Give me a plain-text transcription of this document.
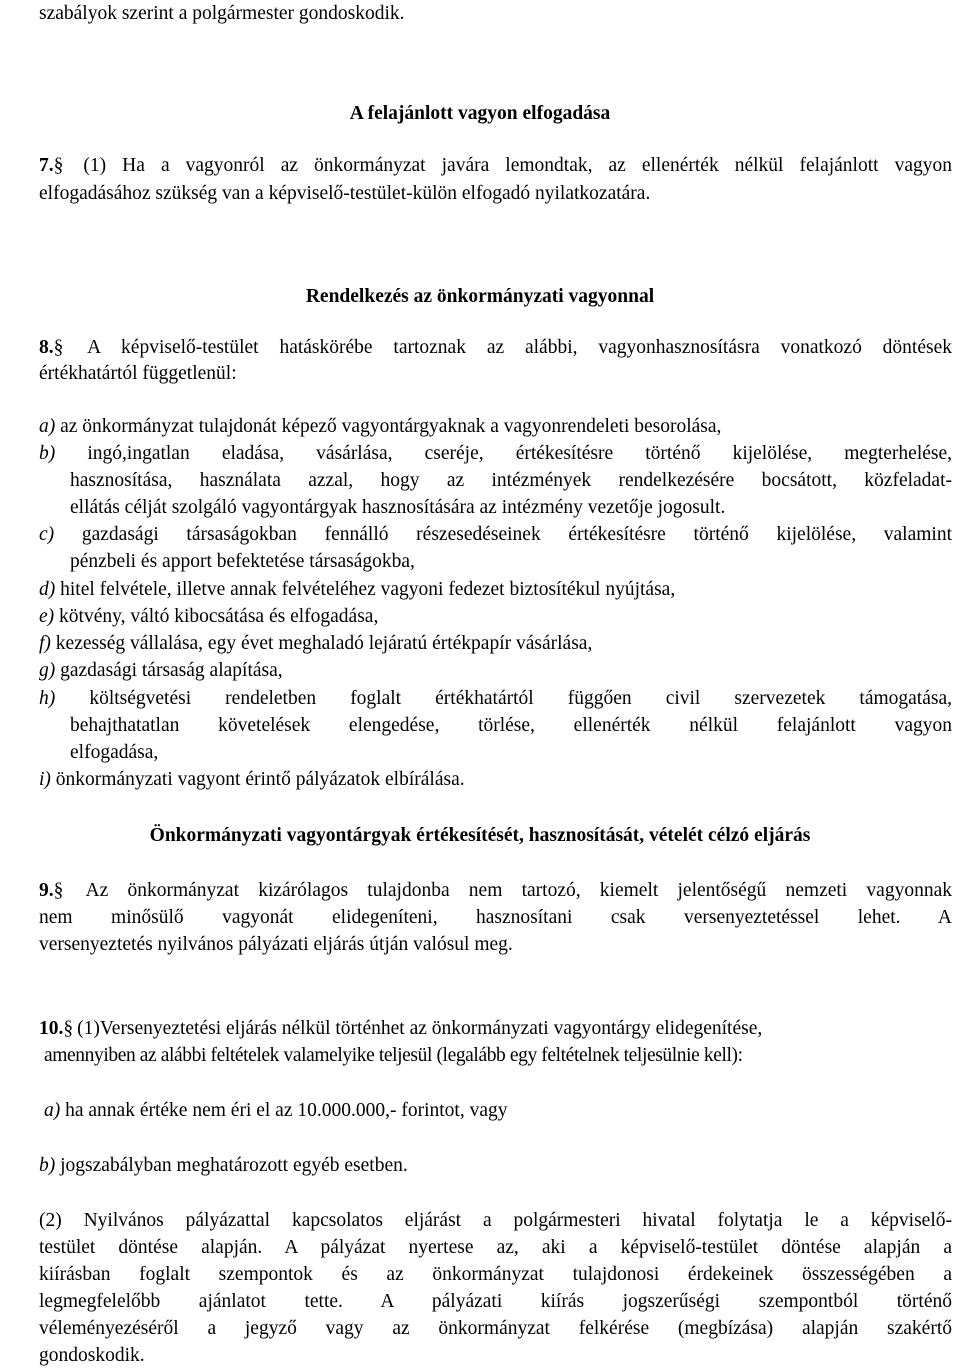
szabályok szerint a polgármester gondoskodik.
A felajánlott vagyon elfogadása
7.§ (1) Ha a vagyonról az önkormányzat javára lemondtak, az ellenérték nélkül felajánlott vagyon
elfogadásához szükség van a képviselő-testület-külön elfogadó nyilatkozatára.
Rendelkezés az önkormányzati vagyonnal
8.§ A képviselő-testület hatáskörébe tartoznak az alábbi, vagyonhasznosításra vonatkozó döntések
értékhatártól függetlenül:
a) az önkormányzat tulajdonát képező vagyontárgyaknak a vagyonrendeleti besorolása,
b) ingó,ingatlan eladása, vásárlása, cseréje, értékesítésre történő kijelölése, megterhelése,
hasznosítása, használata azzal, hogy az intézmények rendelkezésére bocsátott, közfeladat-
ellátás célját szolgáló vagyontárgyak hasznosítására az intézmény vezetője jogosult.
c) gazdasági társaságokban fennálló részesedéseinek értékesítésre történő kijelölése, valamint
pénzbeli és apport befektetése társaságokba,
d) hitel felvétele, illetve annak felvételéhez vagyoni fedezet biztosítékul nyújtása,
e) kötvény, váltó kibocsátása és elfogadása,
f) kezesség vállalása, egy évet meghaladó lejáratú értékpapír vásárlása,
g) gazdasági társaság alapítása,
h) költségvetési rendeletben foglalt értékhatártól függően civil szervezetek támogatása,
behajthatatlan követelések elengedése, törlése, ellenérték nélkül felajánlott vagyon
elfogadása,
i) önkormányzati vagyont érintő pályázatok elbírálása.
Önkormányzati vagyontárgyak értékesítését, hasznosítását, vételét célzó eljárás
9.§ Az önkormányzat kizárólagos tulajdonba nem tartozó, kiemelt jelentőségű nemzeti vagyonnak
nem minősülő vagyonát elidegeníteni, hasznosítani csak versenyeztetéssel lehet. A
versenyeztetés nyilvános pályázati eljárás útján valósul meg.
10.§ (1)Versenyeztetési eljárás nélkül történhet az önkormányzati vagyontárgy elidegenítése,
amennyiben az alábbi feltételek valamelyike teljesül (legalább egy feltételnek teljesülnie kell):
a) ha annak értéke nem éri el az 10.000.000,- forintot, vagy
b) jogszabályban meghatározott egyéb esetben.
(2) Nyilvános pályázattal kapcsolatos eljárást a polgármesteri hivatal folytatja le a képviselő-
testület döntése alapján. A pályázat nyertese az, aki a képviselő-testület döntése alapján a
kiírásban foglalt szempontok és az önkormányzat tulajdonosi érdekeinek összességében a
legmegfelelőbb ajánlatot tette. A pályázati kiírás jogszerűségi szempontból történő
véleményezéséről a jegyző vagy az önkormányzat felkérése (megbízása) alapján szakértő
gondoskodik.
